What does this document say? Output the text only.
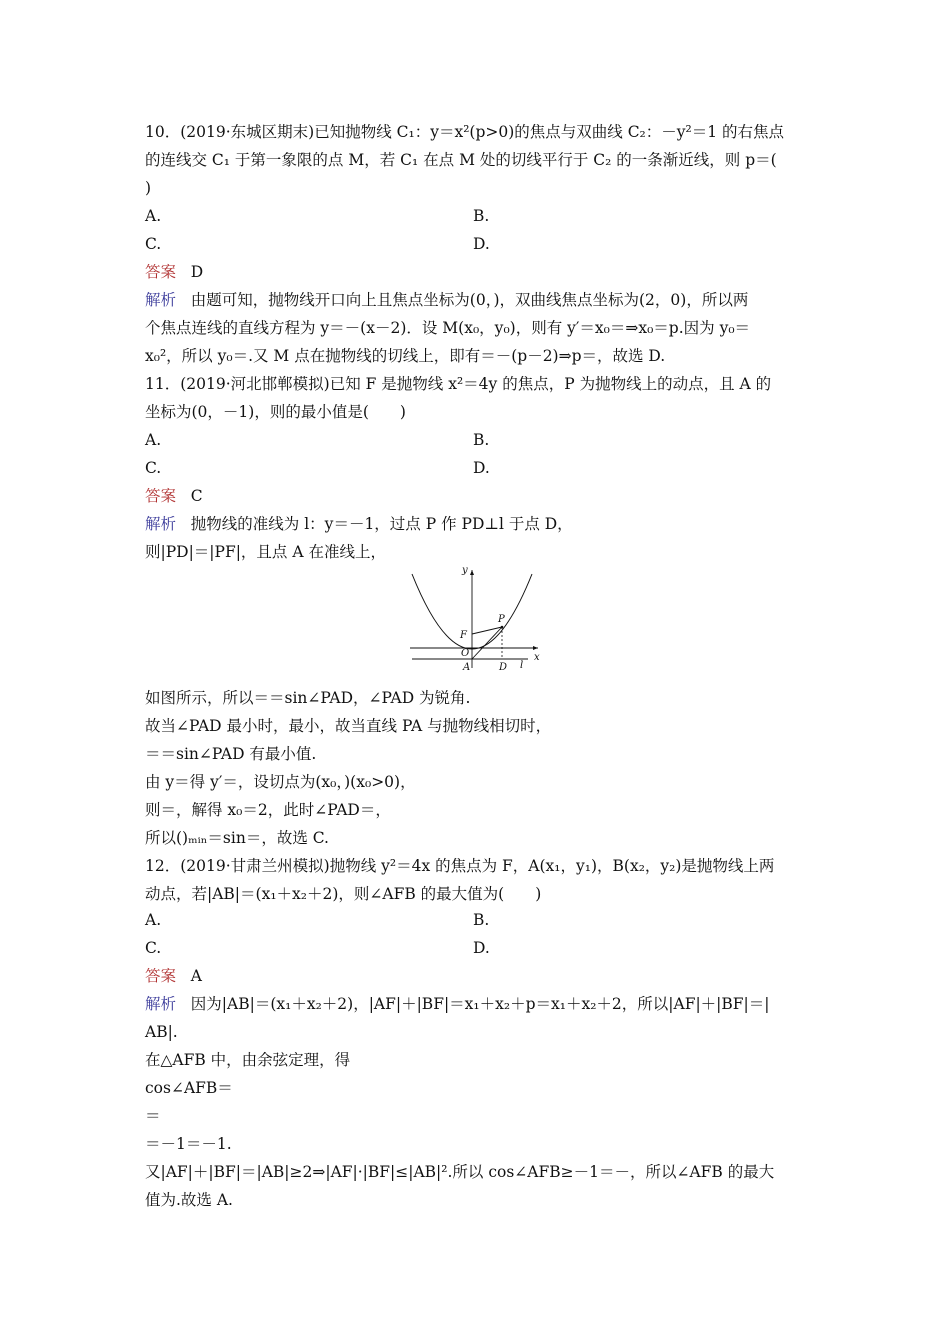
10．(2019·东城区期末)已知抛物线 C₁：y＝x²(p>0)的焦点与双曲线 C₂：－y²＝1 的右焦点
的连线交 C₁ 于第一象限的点 M，若 C₁ 在点 M 处的切线平行于 C₂ 的一条渐近线，则 p＝(
)
A.	B.
C.	D.
答案 D
解析 由题可知，抛物线开口向上且焦点坐标为(0，)，双曲线焦点坐标为(2，0)，所以两
个焦点连线的直线方程为 y＝－(x－2)．设 M(x₀，y₀)，则有 y′＝x₀＝⇒x₀＝p.因为 y₀＝
x₀²，所以 y₀＝.又 M 点在抛物线的切线上，即有＝－(p－2)⇒p＝，故选 D.
11．(2019·河北邯郸模拟)已知 F 是抛物线 x²＝4y 的焦点，P 为抛物线上的动点，且 A 的
坐标为(0，－1)，则的最小值是(　　)
A.	B.
C.	D.
答案 C
解析 抛物线的准线为 l：y＝－1，过点 P 作 PD⊥l 于点 D，
则|PD|＝|PF|，且点 A 在准线上，
y
x
P
F
O
A	D l
如图所示，所以＝＝sin∠PAD，∠PAD 为锐角.
故当∠PAD 最小时，最小，故当直线 PA 与抛物线相切时，
＝＝sin∠PAD 有最小值.
由 y＝得 y′＝，设切点为(x₀，)(x₀>0)，
则＝，解得 x₀＝2，此时∠PAD＝，
所以()ₘᵢₙ＝sin＝，故选 C.
12．(2019·甘肃兰州模拟)抛物线 y²＝4x 的焦点为 F，A(x₁，y₁)，B(x₂，y₂)是抛物线上两
动点，若|AB|＝(x₁＋x₂＋2)，则∠AFB 的最大值为(　　)
A.	B.
C.	D.
答案 A
解析 因为|AB|＝(x₁＋x₂＋2)，|AF|＋|BF|＝x₁＋x₂＋p＝x₁＋x₂＋2，所以|AF|＋|BF|＝|
AB|.
在△AFB 中，由余弦定理，得
cos∠AFB＝
＝
＝－1＝－1.
又|AF|＋|BF|＝|AB|≥2⇒|AF|·|BF|≤|AB|².所以 cos∠AFB≥－1＝－，所以∠AFB 的最大
值为.故选 A.
